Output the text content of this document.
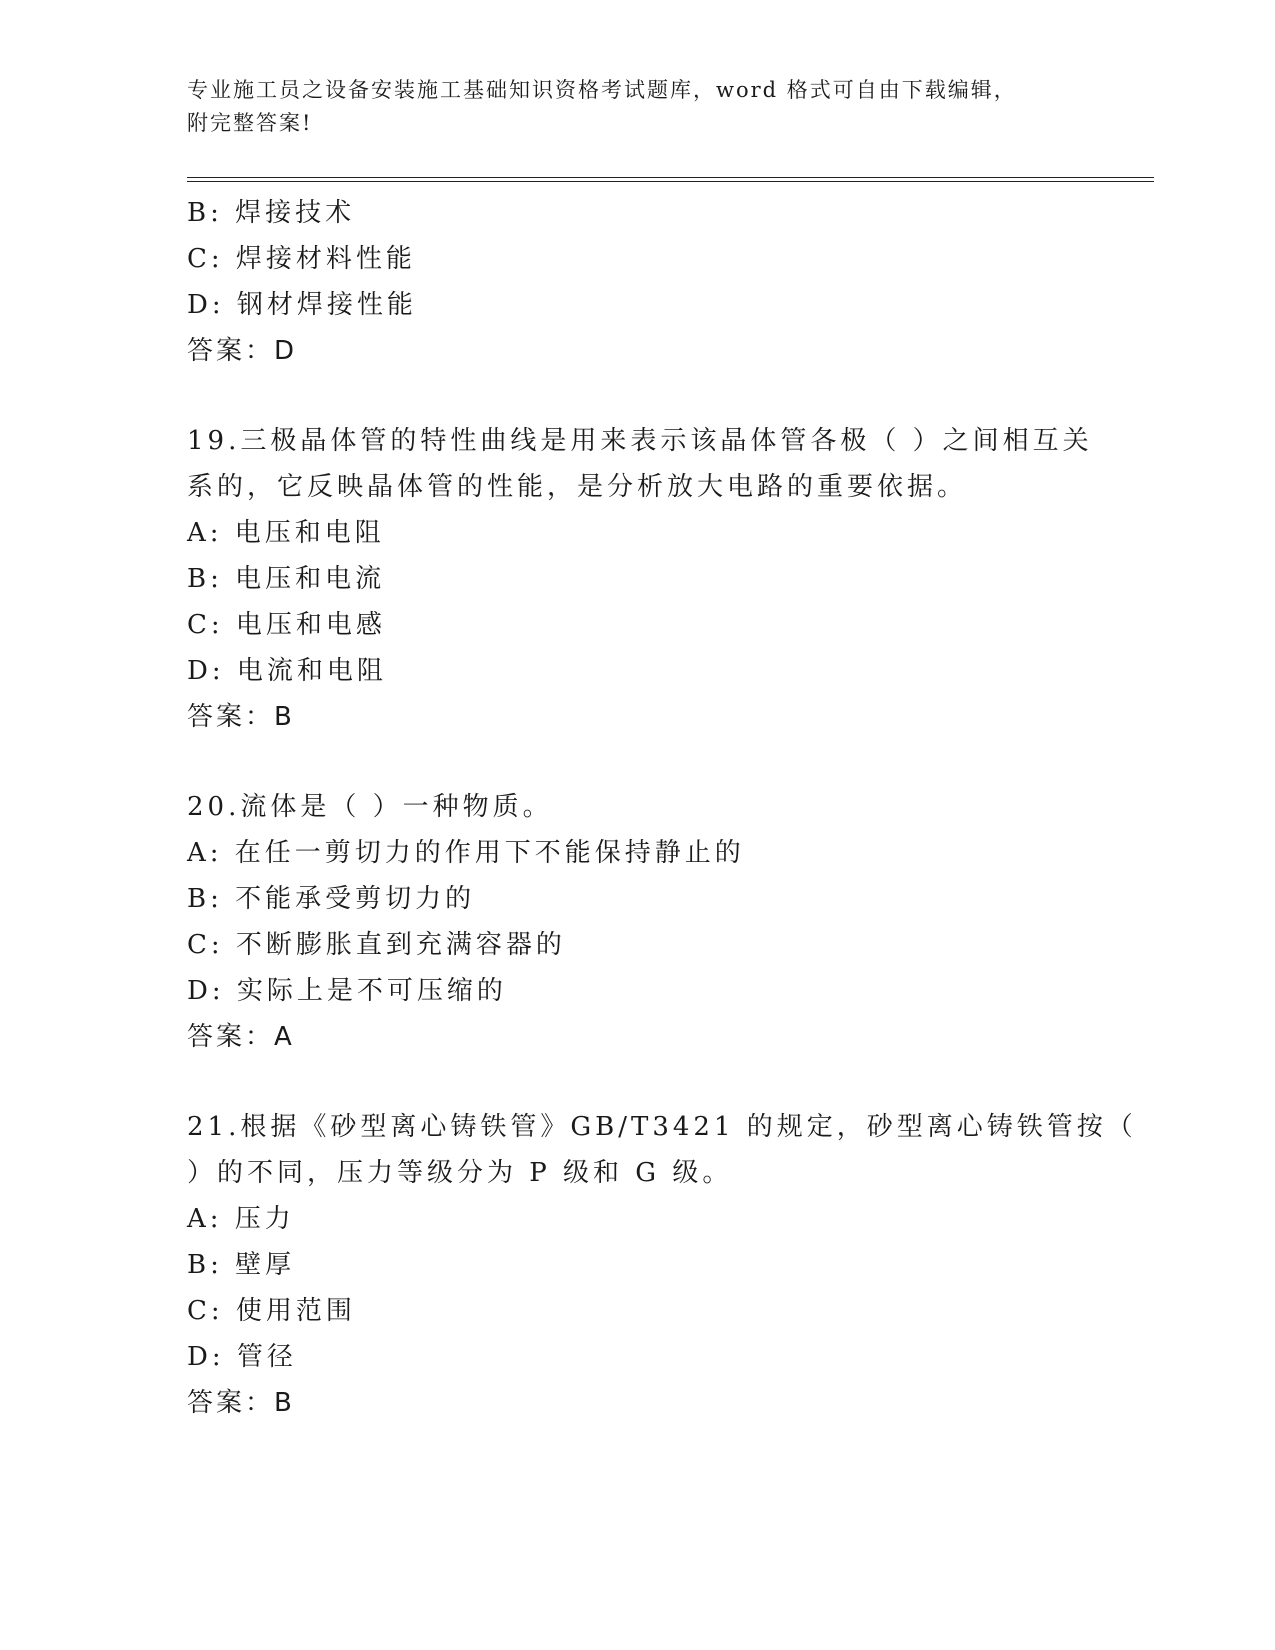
专业施工员之设备安装施工基础知识资格考试题库，word 格式可自由下载编辑，
附完整答案!
B: 焊接技术
C: 焊接材料性能
D: 钢材焊接性能
答案：D
19.三极晶体管的特性曲线是用来表示该晶体管各极（ ）之间相互关
系的，它反映晶体管的性能，是分析放大电路的重要依据。
A: 电压和电阻
B: 电压和电流
C: 电压和电感
D: 电流和电阻
答案：B
20.流体是（ ）一种物质。
A: 在任一剪切力的作用下不能保持静止的
B: 不能承受剪切力的
C: 不断膨胀直到充满容器的
D: 实际上是不可压缩的
答案：A
21.根据《砂型离心铸铁管》GB/T3421 的规定，砂型离心铸铁管按（
）的不同，压力等级分为 P 级和 G 级。
A: 压力
B: 壁厚
C: 使用范围
D: 管径
答案：B
